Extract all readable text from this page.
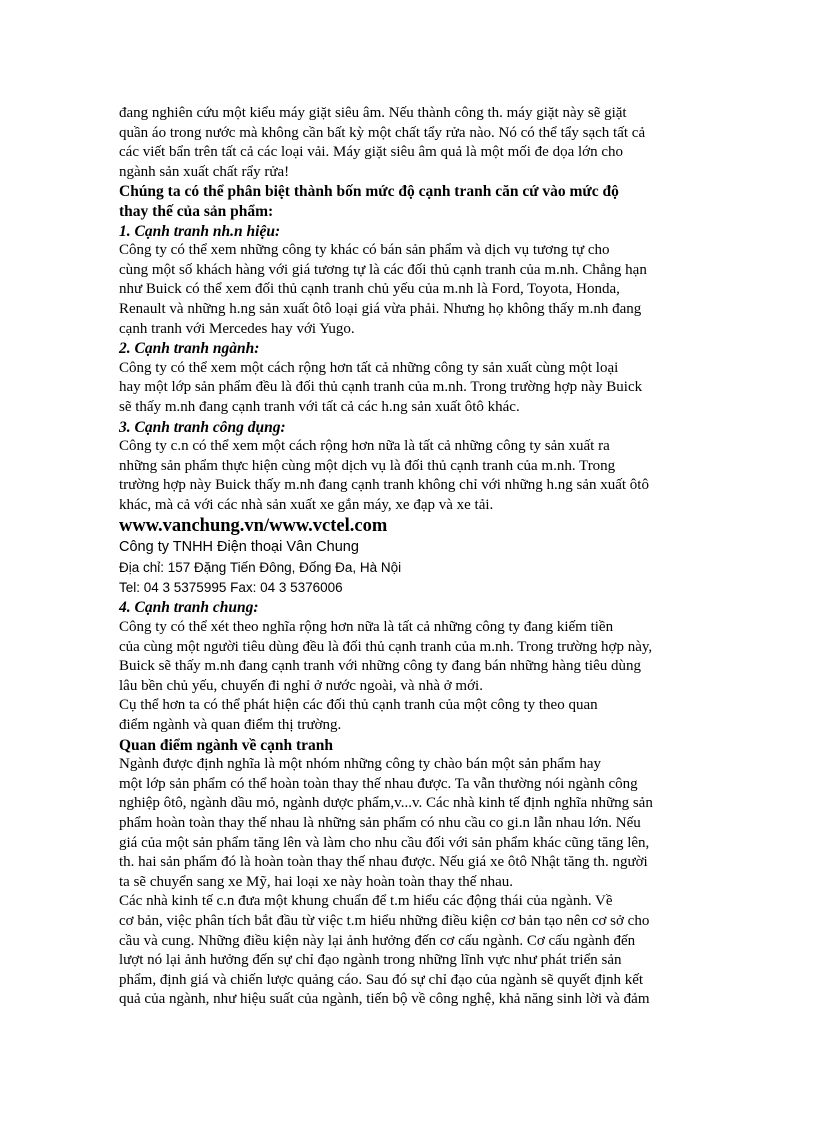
đang nghiên cứu một kiểu máy giặt siêu âm. Nếu thành công th. máy giặt này sẽ giặt
quần áo trong nước mà không cần bất kỳ một chất tẩy rửa nào. Nó có thể tẩy sạch tất cả
các viết bẩn trên tất cả các loại vải. Máy giặt siêu âm quả là một mối đe dọa lớn cho
ngành sản xuất chất rẩy rửa!
Chúng ta có thể phân biệt thành bốn mức độ cạnh tranh căn cứ vào mức độ
thay thế của sản phẩm:
1. Cạnh tranh nh.n hiệu:
Công ty có thể xem những công ty khác có bán sản phẩm và dịch vụ tương tự cho
cùng một số khách hàng với giá tương tự là các đối thủ cạnh tranh của m.nh. Chẳng hạn
như Buick có thể xem đối thủ cạnh tranh chủ yếu của m.nh là Ford, Toyota, Honda,
Renault và những h.ng sản xuất ôtô loại giá vừa phải. Nhưng họ không thấy m.nh đang
cạnh tranh với Mercedes hay với Yugo.
2. Cạnh tranh ngành:
Công ty có thể xem một cách rộng hơn tất cả những công ty sản xuất cùng một loại
hay một lớp sản phẩm đều là đối thủ cạnh tranh của m.nh. Trong trường hợp này Buick
sẽ thấy m.nh đang cạnh tranh với tất cả các h.ng sản xuất ôtô khác.
3. Cạnh tranh công dụng:
Công ty c.n có thể xem một cách rộng hơn nữa là tất cả những công ty sản xuất ra
những sản phẩm thực hiện cùng một dịch vụ là đối thủ cạnh tranh của m.nh. Trong
trường hợp này Buick thấy m.nh đang cạnh tranh không chỉ với những h.ng sản xuất ôtô
khác, mà cả với các nhà sản xuất xe gắn máy, xe đạp và xe tải.
www.vanchung.vn/www.vctel.com
Công ty TNHH Điện thoại Vân Chung
Địa chỉ: 157 Đặng Tiến Đông, Đống Đa, Hà Nội
Tel: 04 3 5375995 Fax: 04 3 5376006
4. Cạnh tranh chung:
Công ty có thể xét theo nghĩa rộng hơn nữa là tất cả những công ty đang kiếm tiền
của cùng một người tiêu dùng đều là đối thủ cạnh tranh của m.nh. Trong trường hợp này,
Buick sẽ thấy m.nh đang cạnh tranh với những công ty đang bán những hàng tiêu dùng
lâu bền chủ yếu, chuyến đi nghỉ ở nước ngoài, và nhà ở mới.
Cụ thể hơn ta có thể phát hiện các đối thủ cạnh tranh của một công ty theo quan
điểm ngành và quan điểm thị trường.
Quan điểm ngành về cạnh tranh
Ngành được định nghĩa là một nhóm những công ty chào bán một sản phẩm hay
một lớp sản phẩm có thể hoàn toàn thay thế nhau được. Ta vẫn thường nói ngành công
nghiệp ôtô, ngành dầu mỏ, ngành dược phẩm,v...v. Các nhà kinh tế định nghĩa những sản
phẩm hoàn toàn thay thế nhau là những sản phẩm có nhu cầu co gi.n lẫn nhau lớn. Nếu
giá của một sản phẩm tăng lên và làm cho nhu cầu đối với sản phẩm khác cũng tăng lên,
th. hai sản phẩm đó là hoàn toàn thay thế nhau được. Nếu giá xe ôtô Nhật tăng th. người
ta sẽ chuyển sang xe Mỹ, hai loại xe này hoàn toàn thay thế nhau.
Các nhà kinh tế c.n đưa một khung chuẩn để t.m hiểu các động thái của ngành. Về
cơ bản, việc phân tích bắt đầu từ việc t.m hiểu những điều kiện cơ bản tạo nên cơ sở cho
cầu và cung. Những điều kiện này lại ảnh hưởng đến cơ cấu ngành. Cơ cấu ngành đến
lượt nó lại ảnh hưởng đến sự chỉ đạo ngành trong những lĩnh vực như phát triển sản
phẩm, định giá và chiến lược quảng cáo. Sau đó sự chỉ đạo của ngành sẽ quyết định kết
quả của ngành, như hiệu suất của ngành, tiến bộ về công nghệ, khả năng sinh lời và đảm
